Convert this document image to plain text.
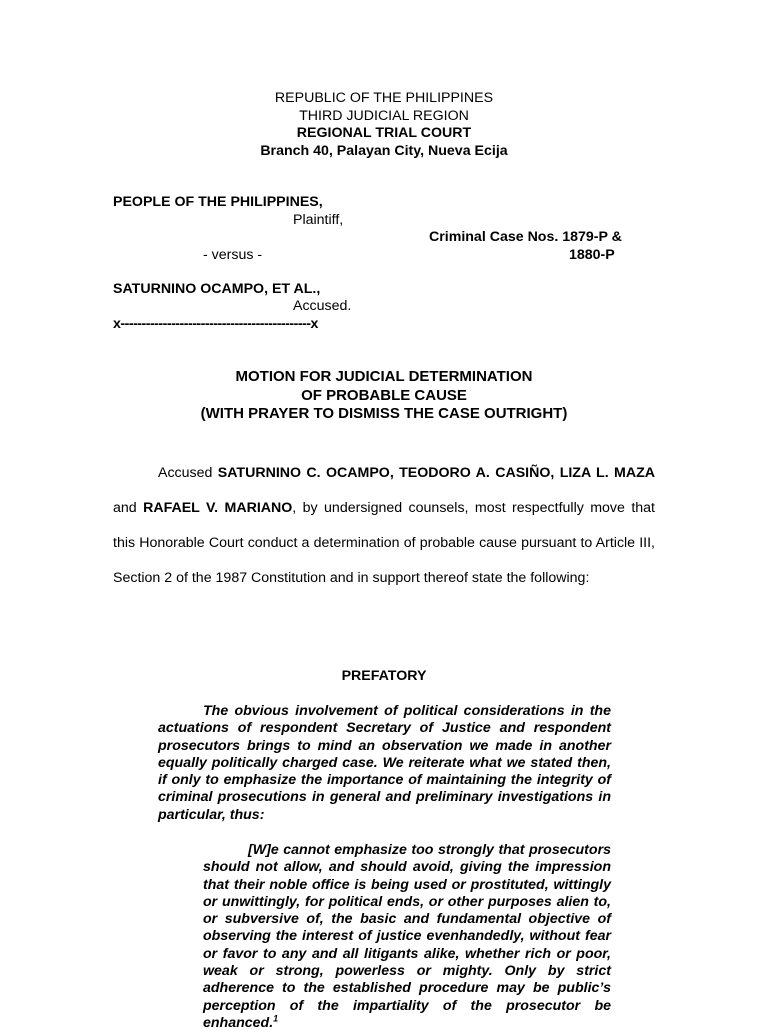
REPUBLIC OF THE PHILIPPINES
THIRD JUDICIAL REGION
REGIONAL TRIAL COURT
Branch 40, Palayan City, Nueva Ecija
PEOPLE OF THE PHILIPPINES,
Plaintiff,
Criminal Case Nos. 1879-P &
- versus -	1880-P
SATURNINO OCAMPO, ET AL.,
Accused.
x---------------------------------------------x
MOTION FOR JUDICIAL DETERMINATION
OF PROBABLE CAUSE
(WITH PRAYER TO DISMISS THE CASE OUTRIGHT)
Accused SATURNINO C. OCAMPO, TEODORO A. CASIÑO, LIZA L. MAZA and RAFAEL V. MARIANO, by undersigned counsels, most respectfully move that this Honorable Court conduct a determination of probable cause pursuant to Article III, Section 2 of the 1987 Constitution and in support thereof state the following:
PREFATORY
The obvious involvement of political considerations in the actuations of respondent Secretary of Justice and respondent prosecutors brings to mind an observation we made in another equally politically charged case. We reiterate what we stated then, if only to emphasize the importance of maintaining the integrity of criminal prosecutions in general and preliminary investigations in particular, thus:
[W]e cannot emphasize too strongly that prosecutors should not allow, and should avoid, giving the impression that their noble office is being used or prostituted, wittingly or unwittingly, for political ends, or other purposes alien to, or subversive of, the basic and fundamental objective of observing the interest of justice evenhandedly, without fear or favor to any and all litigants alike, whether rich or poor, weak or strong, powerless or mighty. Only by strict adherence to the established procedure may be public’s perception of the impartiality of the prosecutor be enhanced.$^1$
